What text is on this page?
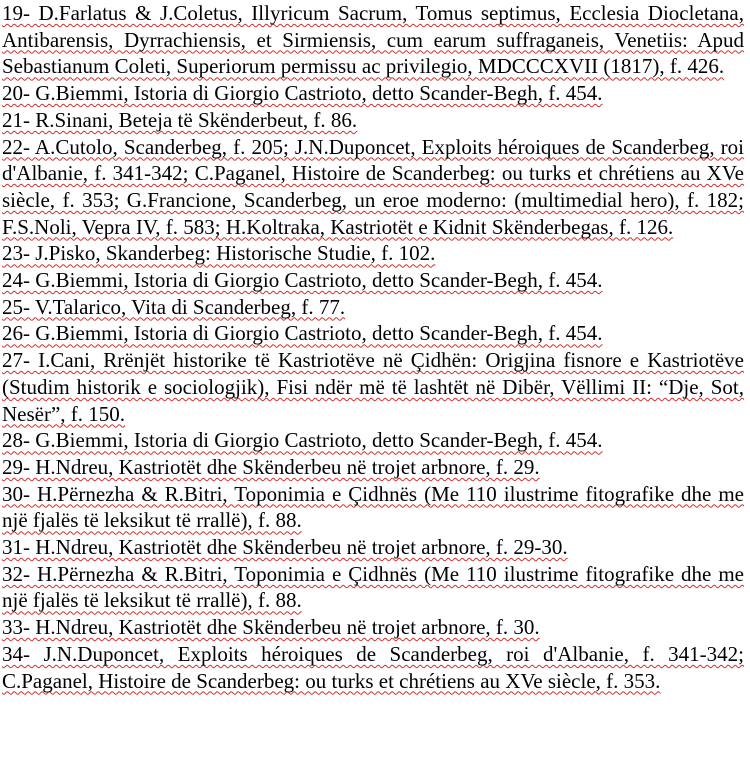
19- D.Farlatus & J.Coletus, Illyricum Sacrum, Tomus septimus, Ecclesia Diocletana, Antibarensis, Dyrrachiensis, et Sirmiensis, cum earum suffraganeis, Venetiis: Apud Sebastianum Coleti, Superiorum permissu ac privilegio, MDCCCXVII (1817), f. 426.

20- G.Biemmi, Istoria di Giorgio Castrioto, detto Scander-Begh, f. 454.

21- R.Sinani, Beteja të Skënderbeut, f. 86.

22- A.Cutolo, Scanderbeg, f. 205; J.N.Duponcet, Exploits héroiques de Scanderbeg, roi d'Albanie, f. 341-342; C.Paganel, Histoire de Scanderbeg: ou turks et chrétiens au XVe siècle, f. 353; G.Francione, Scanderbeg, un eroe moderno: (multimedial hero), f. 182; F.S.Noli, Vepra IV, f. 583; H.Koltraka, Kastriotët e Kidnit Skënderbegas, f. 126.

23- J.Pisko, Skanderbeg: Historische Studie, f. 102.

24- G.Biemmi, Istoria di Giorgio Castrioto, detto Scander-Begh, f. 454.

25- V.Talarico, Vita di Scanderbeg, f. 77.

26- G.Biemmi, Istoria di Giorgio Castrioto, detto Scander-Begh, f. 454.

27- I.Cani, Rrënjët historike të Kastriotëve në Çidhën: Origjina fisnore e Kastriotëve (Studim historik e sociologjik), Fisi ndër më të lashtët në Dibër, Vëllimi II: “Dje, Sot, Nesër”, f. 150.

28- G.Biemmi, Istoria di Giorgio Castrioto, detto Scander-Begh, f. 454.

29- H.Ndreu, Kastriotët dhe Skënderbeu në trojet arbnore, f. 29.

30- H.Përnezha & R.Bitri, Toponimia e Çidhnës (Me 110 ilustrime fitografike dhe me një fjalës të leksikut të rrallë), f. 88.

31- H.Ndreu, Kastriotët dhe Skënderbeu në trojet arbnore, f. 29-30.

32- H.Përnezha & R.Bitri, Toponimia e Çidhnës (Me 110 ilustrime fitografike dhe me një fjalës të leksikut të rrallë), f. 88.

33- H.Ndreu, Kastriotët dhe Skënderbeu në trojet arbnore, f. 30.

34- J.N.Duponcet, Exploits héroiques de Scanderbeg, roi d'Albanie, f. 341-342; C.Paganel, Histoire de Scanderbeg: ou turks et chrétiens au XVe siècle, f. 353.
